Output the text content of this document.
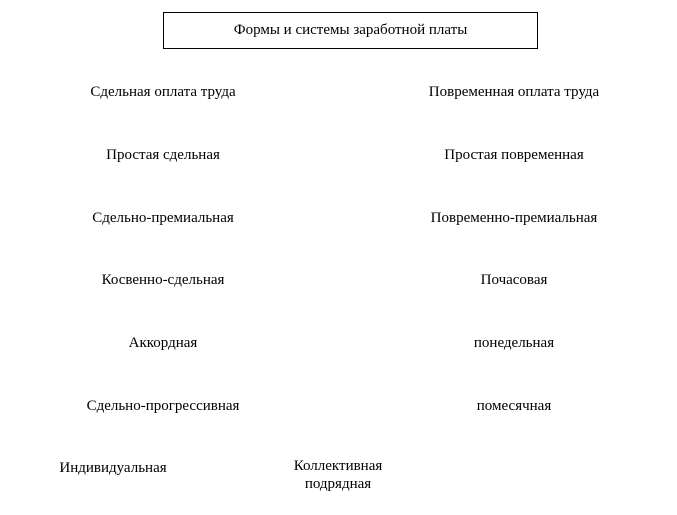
Формы и системы заработной платы
Сдельная оплата труда
Простая сдельная
Сдельно-премиальная
Косвенно-сдельная
Аккордная
Сдельно-прогрессивная
Повременная оплата труда
Простая повременная
Повременно-премиальная
Почасовая
понедельная
помесячная
Индивидуальная	Коллективная
подрядная
